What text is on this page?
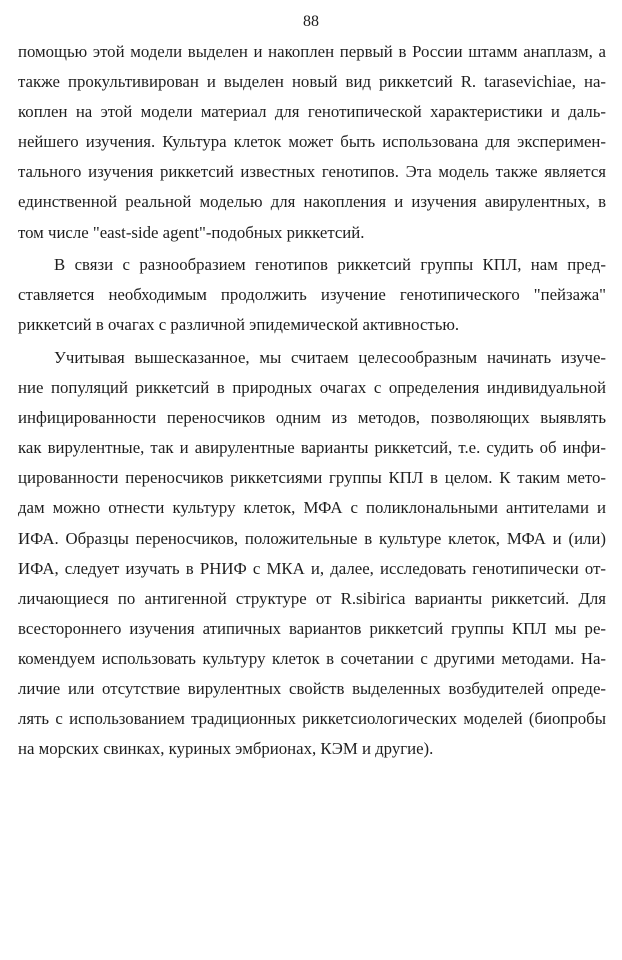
88
помощью этой модели выделен и накоплен первый в России штамм анаплазм, а
также прокультивирован и выделен новый вид риккетсий R. tarasevichiae, на-
коплен на этой модели материал для генотипической характеристики и даль-
нейшего изучения. Культура клеток может быть использована для эксперимен-
тального изучения риккетсий известных генотипов. Эта модель также является
единственной реальной моделью для накопления и изучения авирулентных, в
том числе "east-side agent"-подобных риккетсий.
В связи с разнообразием генотипов риккетсий группы КПЛ, нам пред-
ставляется необходимым продолжить изучение генотипического "пейзажа"
риккетсий в очагах с различной эпидемической активностью.
Учитывая вышесказанное, мы считаем целесообразным начинать изуче-
ние популяций риккетсий в природных очагах с определения индивидуальной
инфицированности переносчиков одним из методов, позволяющих выявлять
как вирулентные, так и авирулентные варианты риккетсий, т.е. судить об инфи-
цированности переносчиков риккетсиями группы КПЛ в целом. К таким мето-
дам можно отнести культуру клеток, МФА с поликлональными антителами и
ИФА. Образцы переносчиков, положительные в культуре клеток, МФА и (или)
ИФА, следует изучать в РНИФ с МКА и, далее, исследовать генотипически от-
личающиеся по антигенной структуре от R.sibirica варианты риккетсий. Для
всестороннего изучения атипичных вариантов риккетсий группы КПЛ мы ре-
комендуем использовать культуру клеток в сочетании с другими методами. На-
личие или отсутствие вирулентных свойств выделенных возбудителей опреде-
лять с использованием традиционных риккетсиологических моделей (биопробы
на морских свинках, куриных эмбрионах, КЭМ и другие).
